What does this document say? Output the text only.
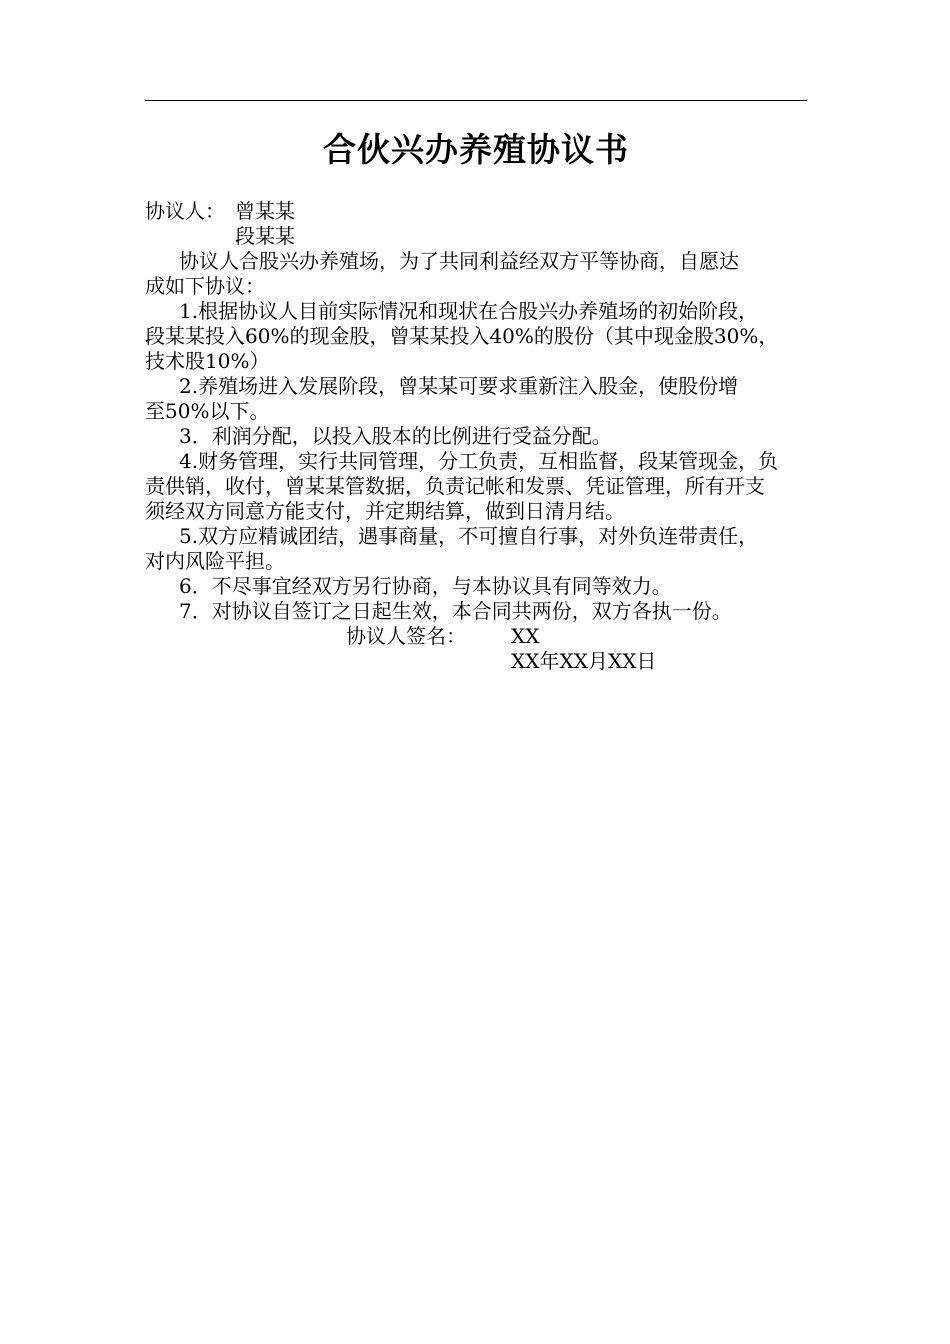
合伙兴办养殖协议书
协议人： 曾某某
段某某
协议人合股兴办养殖场，为了共同利益经双方平等协商，自愿达
成如下协议：
1.根据协议人目前实际情况和现状在合股兴办养殖场的初始阶段，
段某某投入60%的现金股，曾某某投入40%的股份（其中现金股30%，
技术股10%）
2.养殖场进入发展阶段，曾某某可要求重新注入股金，使股份增
至50%以下。
3．利润分配，以投入股本的比例进行受益分配。
4.财务管理，实行共同管理，分工负责，互相监督，段某管现金，负
责供销，收付，曾某某管数据，负责记帐和发票、凭证管理，所有开支
须经双方同意方能支付，并定期结算，做到日清月结。
5.双方应精诚团结，遇事商量，不可擅自行事，对外负连带责任，
对内风险平担。
6．不尽事宜经双方另行协商，与本协议具有同等效力。
7．对协议自签订之日起生效，本合同共两份，双方各执一份。
协议人签名： XX
XX年XX月XX日
